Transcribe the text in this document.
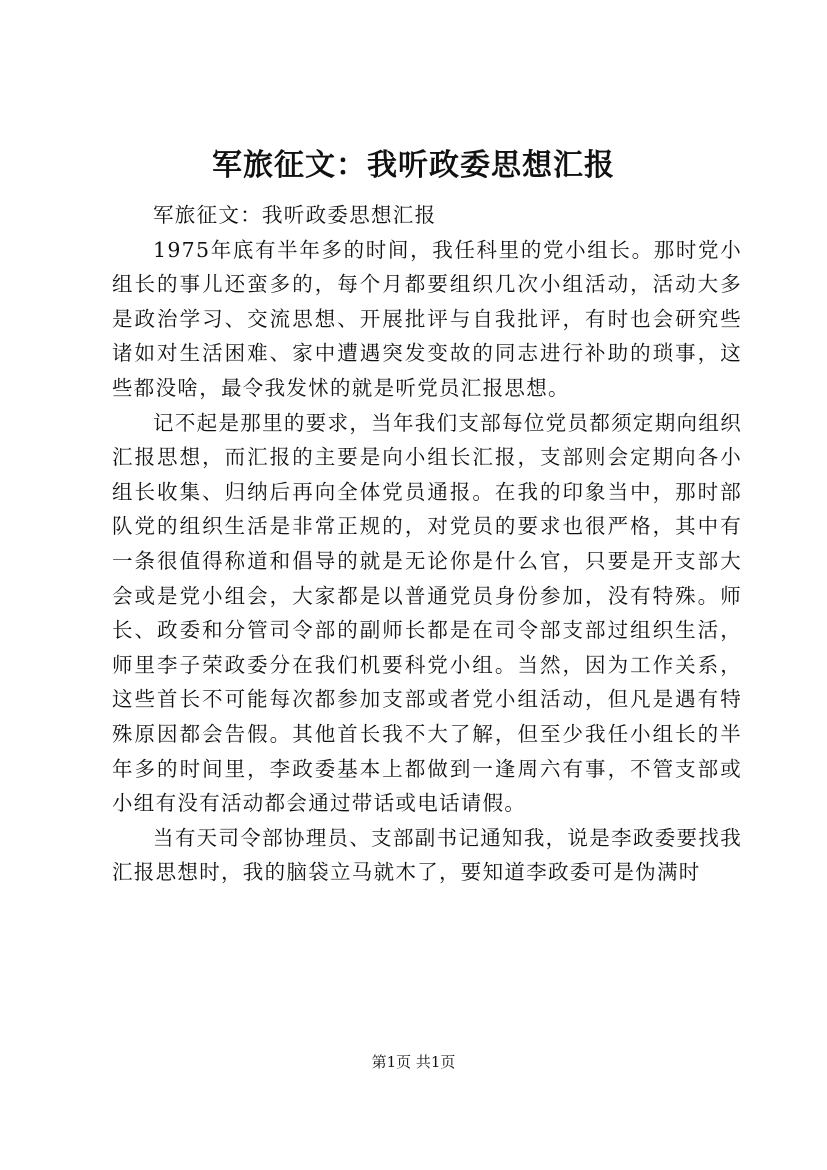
军旅征文：我听政委思想汇报

军旅征文：我听政委思想汇报

1975年底有半年多的时间，我任科里的党小组长。那时党小组长的事儿还蛮多的，每个月都要组织几次小组活动，活动大多是政治学习、交流思想、开展批评与自我批评，有时也会研究些诸如对生活困难、家中遭遇突发变故的同志进行补助的琐事，这些都没啥，最令我发怵的就是听党员汇报思想。

记不起是那里的要求，当年我们支部每位党员都须定期向组织汇报思想，而汇报的主要是向小组长汇报，支部则会定期向各小组长收集、归纳后再向全体党员通报。在我的印象当中，那时部队党的组织生活是非常正规的，对党员的要求也很严格，其中有一条很值得称道和倡导的就是无论你是什么官，只要是开支部大会或是党小组会，大家都是以普通党员身份参加，没有特殊。师长、政委和分管司令部的副师长都是在司令部支部过组织生活，师里李子荣政委分在我们机要科党小组。当然，因为工作关系，这些首长不可能每次都参加支部或者党小组活动，但凡是遇有特殊原因都会告假。其他首长我不大了解，但至少我任小组长的半年多的时间里，李政委基本上都做到一逢周六有事，不管支部或小组有没有活动都会通过带话或电话请假。

当有天司令部协理员、支部副书记通知我，说是李政委要找我汇报思想时，我的脑袋立马就木了，要知道李政委可是伪满时

第1页 共1页
